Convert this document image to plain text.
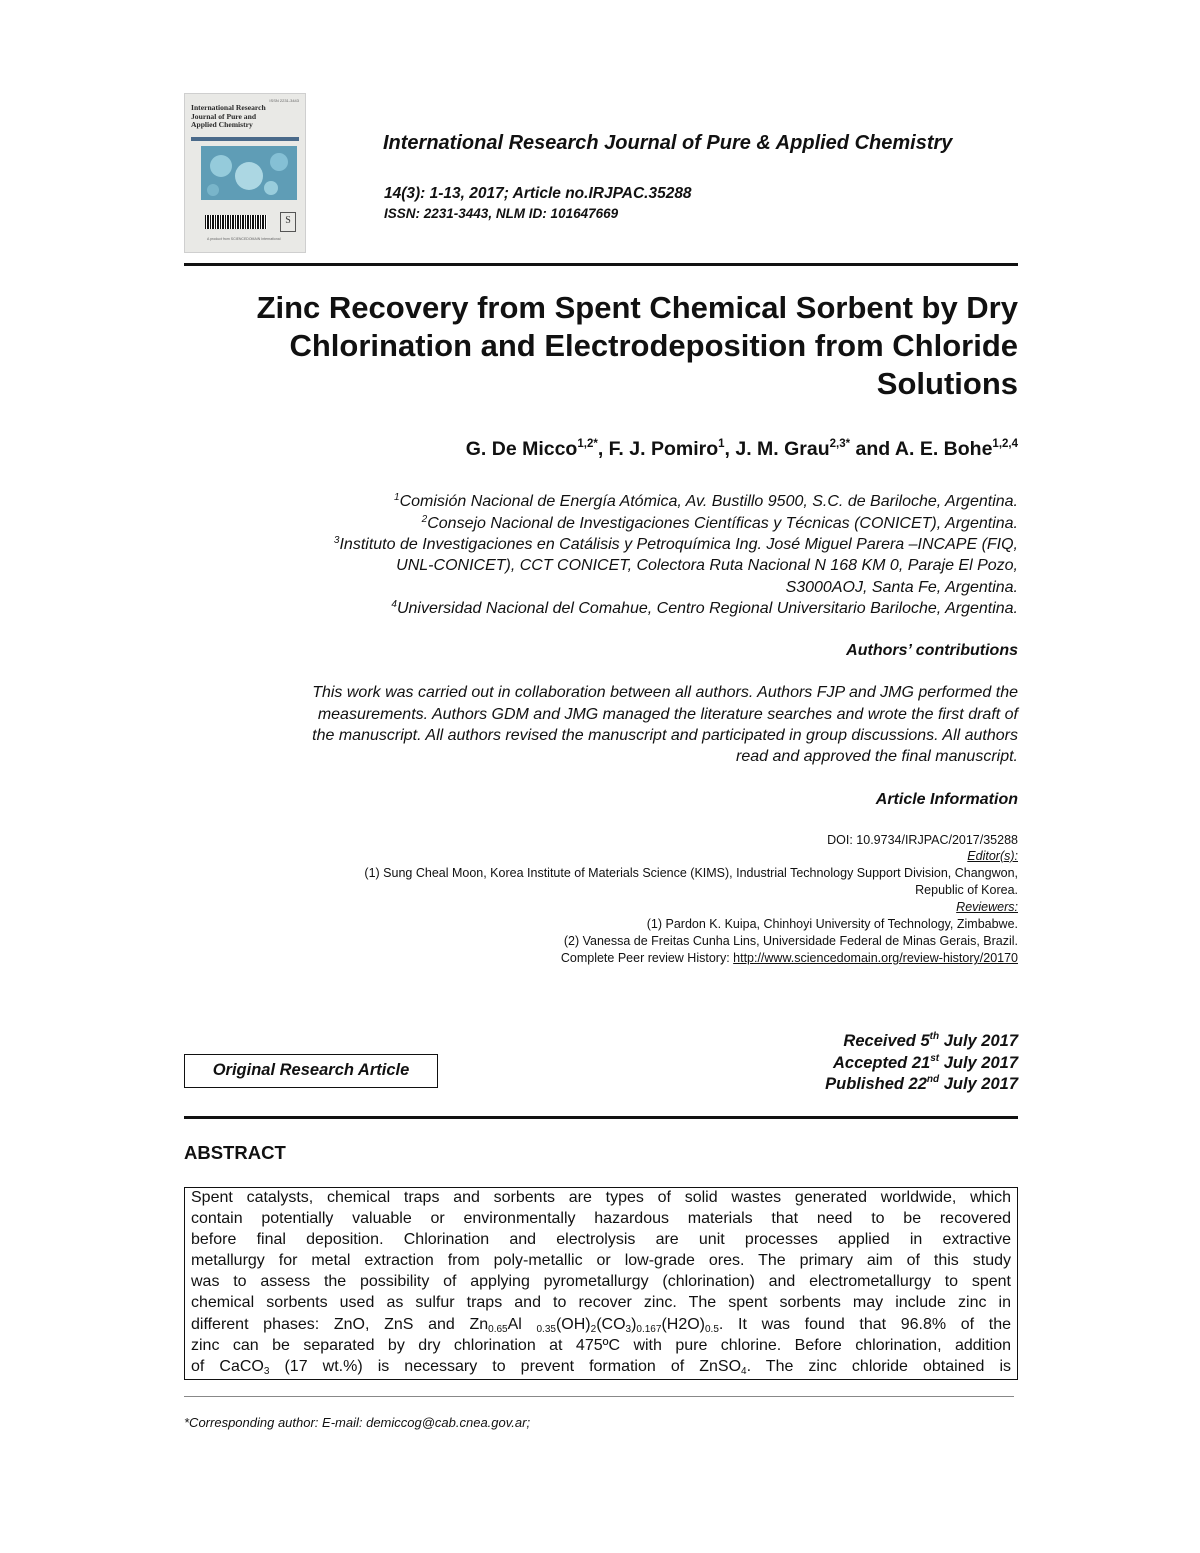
ISSN 2231-3443
International Research Journal of Pure and Applied Chemistry
S
A product from SCIENCEDOMAIN International
International Research Journal of Pure & Applied Chemistry
14(3): 1-13, 2017; Article no.IRJPAC.35288
ISSN: 2231-3443, NLM ID: 101647669
Zinc Recovery from Spent Chemical Sorbent by Dry
Chlorination and Electrodeposition from Chloride
Solutions
G. De Micco$^{1,2*}$, F. J. Pomiro$^1$, J. M. Grau$^{2,3*}$ and A. E. Bohe$^{1,2,4}$
$^1$Comisión Nacional de Energía Atómica, Av. Bustillo 9500, S.C. de Bariloche, Argentina.
$^2$Consejo Nacional de Investigaciones Científicas y Técnicas (CONICET), Argentina.
$^3$Instituto de Investigaciones en Catálisis y Petroquímica Ing. José Miguel Parera –INCAPE (FIQ,
UNL-CONICET), CCT CONICET, Colectora Ruta Nacional N 168 KM 0, Paraje El Pozo,
S3000AOJ, Santa Fe, Argentina.
$^4$Universidad Nacional del Comahue, Centro Regional Universitario Bariloche, Argentina.
Authors’ contributions
This work was carried out in collaboration between all authors. Authors FJP and JMG performed the
measurements. Authors GDM and JMG managed the literature searches and wrote the first draft of
the manuscript. All authors revised the manuscript and participated in group discussions. All authors
read and approved the final manuscript.
Article Information
DOI: 10.9734/IRJPAC/2017/35288
Editor(s):
(1) Sung Cheal Moon, Korea Institute of Materials Science (KIMS), Industrial Technology Support Division, Changwon,
Republic of Korea.
Reviewers:
(1) Pardon K. Kuipa, Chinhoyi University of Technology, Zimbabwe.
(2) Vanessa de Freitas Cunha Lins, Universidade Federal de Minas Gerais, Brazil.
Complete Peer review History: http://www.sciencedomain.org/review-history/20170
Original Research Article
Received 5th July 2017
Accepted 21st July 2017
Published 22nd July 2017
ABSTRACT
Spent catalysts, chemical traps and sorbents are types of solid wastes generated worldwide, which
contain potentially valuable or environmentally hazardous materials that need to be recovered
before final deposition. Chlorination and electrolysis are unit processes applied in extractive
metallurgy for metal extraction from poly-metallic or low-grade ores. The primary aim of this study
was to assess the possibility of applying pyrometallurgy (chlorination) and electrometallurgy to spent
chemical sorbents used as sulfur traps and to recover zinc. The spent sorbents may include zinc in
different phases: ZnO, ZnS and $Zn_{0.65}Al$ $_{0.35}(OH)_2(CO_3)_{0.167}(H2O)_{0.5}$. It was found that 96.8% of the
zinc can be separated by dry chlorination at 475ºC with pure chlorine. Before chlorination, addition
of CaCO$_3$ (17 wt.%) is necessary to prevent formation of ZnSO$_4$. The zinc chloride obtained is
*Corresponding author: E-mail: demiccog@cab.cnea.gov.ar;
